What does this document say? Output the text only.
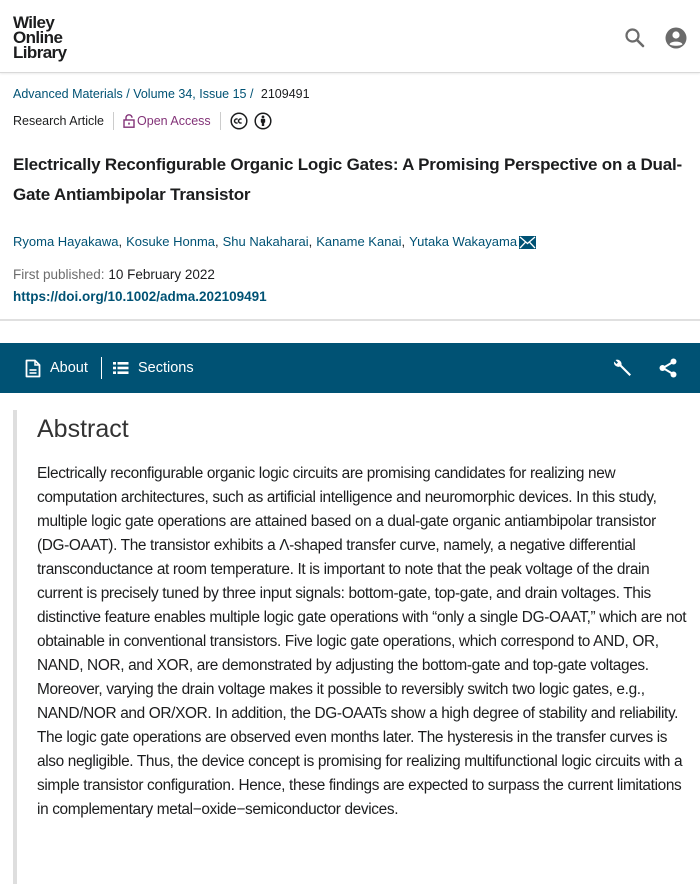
Wiley
Online
Library
Advanced Materials / Volume 34, Issue 15 / 2109491
Research Article	Open Access
Electrically Reconfigurable Organic Logic Gates: A Promising Perspective on a Dual-Gate Antiambipolar Transistor
Ryoma Hayakawa , Kosuke Honma , Shu Nakaharai , Kaname Kanai , Yutaka Wakayama
First published: 10 February 2022
https://doi.org/10.1002/adma.202109491
About	Sections
Abstract

Electrically reconfigurable organic logic circuits are promising candidates for realizing new computation architectures, such as artificial intelligence and neuromorphic devices. In this study, multiple logic gate operations are attained based on a dual-gate organic antiambipolar transistor (DG-OAAT). The transistor exhibits a Λ-shaped transfer curve, namely, a negative differential transconductance at room temperature. It is important to note that the peak voltage of the drain current is precisely tuned by three input signals: bottom-gate, top-gate, and drain voltages. This distinctive feature enables multiple logic gate operations with “only a single DG-OAAT,” which are not obtainable in conventional transistors. Five logic gate operations, which correspond to AND, OR, NAND, NOR, and XOR, are demonstrated by adjusting the bottom-gate and top-gate voltages. Moreover, varying the drain voltage makes it possible to reversibly switch two logic gates, e.g., NAND/NOR and OR/XOR. In addition, the DG-OAATs show a high degree of stability and reliability. The logic gate operations are observed even months later. The hysteresis in the transfer curves is also negligible. Thus, the device concept is promising for realizing multifunctional logic circuits with a simple transistor configuration. Hence, these findings are expected to surpass the current limitations in complementary metal−oxide−semiconductor devices.
